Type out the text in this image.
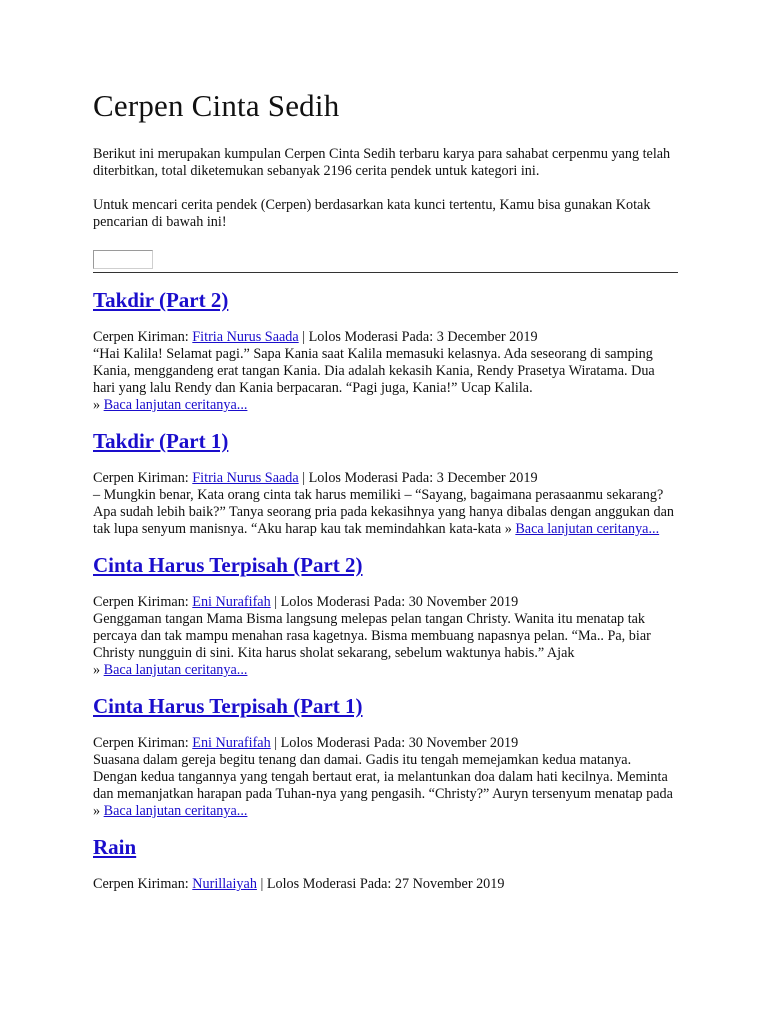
Cerpen Cinta Sedih

Berikut ini merupakan kumpulan Cerpen Cinta Sedih terbaru karya para sahabat cerpenmu yang telah diterbitkan, total diketemukan sebanyak 2196 cerita pendek untuk kategori ini.

Untuk mencari cerita pendek (Cerpen) berdasarkan kata kunci tertentu, Kamu bisa gunakan Kotak pencarian di bawah ini!

Takdir (Part 2)

Cerpen Kiriman: Fitria Nurus Saada | Lolos Moderasi Pada: 3 December 2019

“Hai Kalila! Selamat pagi.” Sapa Kania saat Kalila memasuki kelasnya. Ada seseorang di samping Kania, menggandeng erat tangan Kania. Dia adalah kekasih Kania, Rendy Prasetya Wiratama. Dua hari yang lalu Rendy dan Kania berpacaran. “Pagi juga, Kania!” Ucap Kalila.
» Baca lanjutan ceritanya...

Takdir (Part 1)

Cerpen Kiriman: Fitria Nurus Saada | Lolos Moderasi Pada: 3 December 2019

– Mungkin benar, Kata orang cinta tak harus memiliki – “Sayang, bagaimana perasaanmu sekarang? Apa sudah lebih baik?” Tanya seorang pria pada kekasihnya yang hanya dibalas dengan anggukan dan tak lupa senyum manisnya. “Aku harap kau tak memindahkan kata-kata » Baca lanjutan ceritanya...

Cinta Harus Terpisah (Part 2)

Cerpen Kiriman: Eni Nurafifah | Lolos Moderasi Pada: 30 November 2019

Genggaman tangan Mama Bisma langsung melepas pelan tangan Christy. Wanita itu menatap tak percaya dan tak mampu menahan rasa kagetnya. Bisma membuang napasnya pelan. “Ma.. Pa, biar Christy nungguin di sini. Kita harus sholat sekarang, sebelum waktunya habis.” Ajak
» Baca lanjutan ceritanya...

Cinta Harus Terpisah (Part 1)

Cerpen Kiriman: Eni Nurafifah | Lolos Moderasi Pada: 30 November 2019

Suasana dalam gereja begitu tenang dan damai. Gadis itu tengah memejamkan kedua matanya. Dengan kedua tangannya yang tengah bertaut erat, ia melantunkan doa dalam hati kecilnya. Meminta dan memanjatkan harapan pada Tuhan-nya yang pengasih. “Christy?” Auryn tersenyum menatap pada » Baca lanjutan ceritanya...

Rain

Cerpen Kiriman: Nurillaiyah | Lolos Moderasi Pada: 27 November 2019
